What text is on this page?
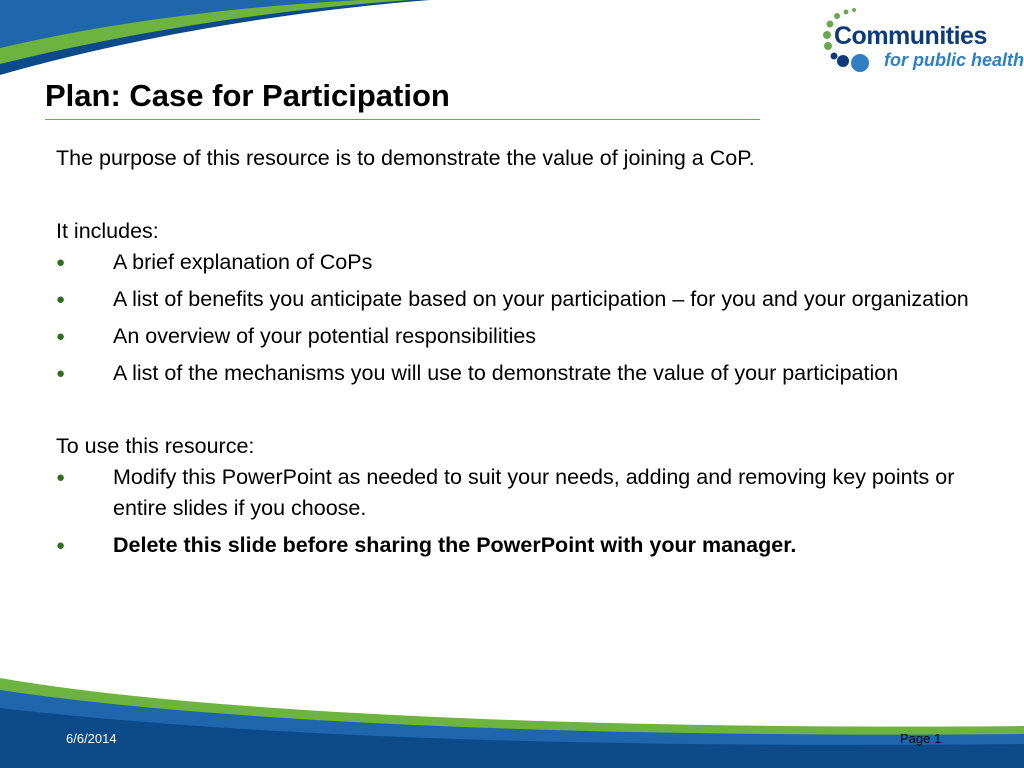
Communities
for public health
Plan: Case for Participation

The purpose of this resource is to demonstrate the value of joining a CoP.

It includes:

●	A brief explanation of CoPs
●	A list of benefits you anticipate based on your participation – for you and your organization
●	An overview of your potential responsibilities
●	A list of the mechanisms you will use to demonstrate the value of your participation

To use this resource:

●	Modify this PowerPoint as needed to suit your needs, adding and removing key points or entire slides if you choose.
●	Delete this slide before sharing the PowerPoint with your manager.
6/6/2014	Page 1
